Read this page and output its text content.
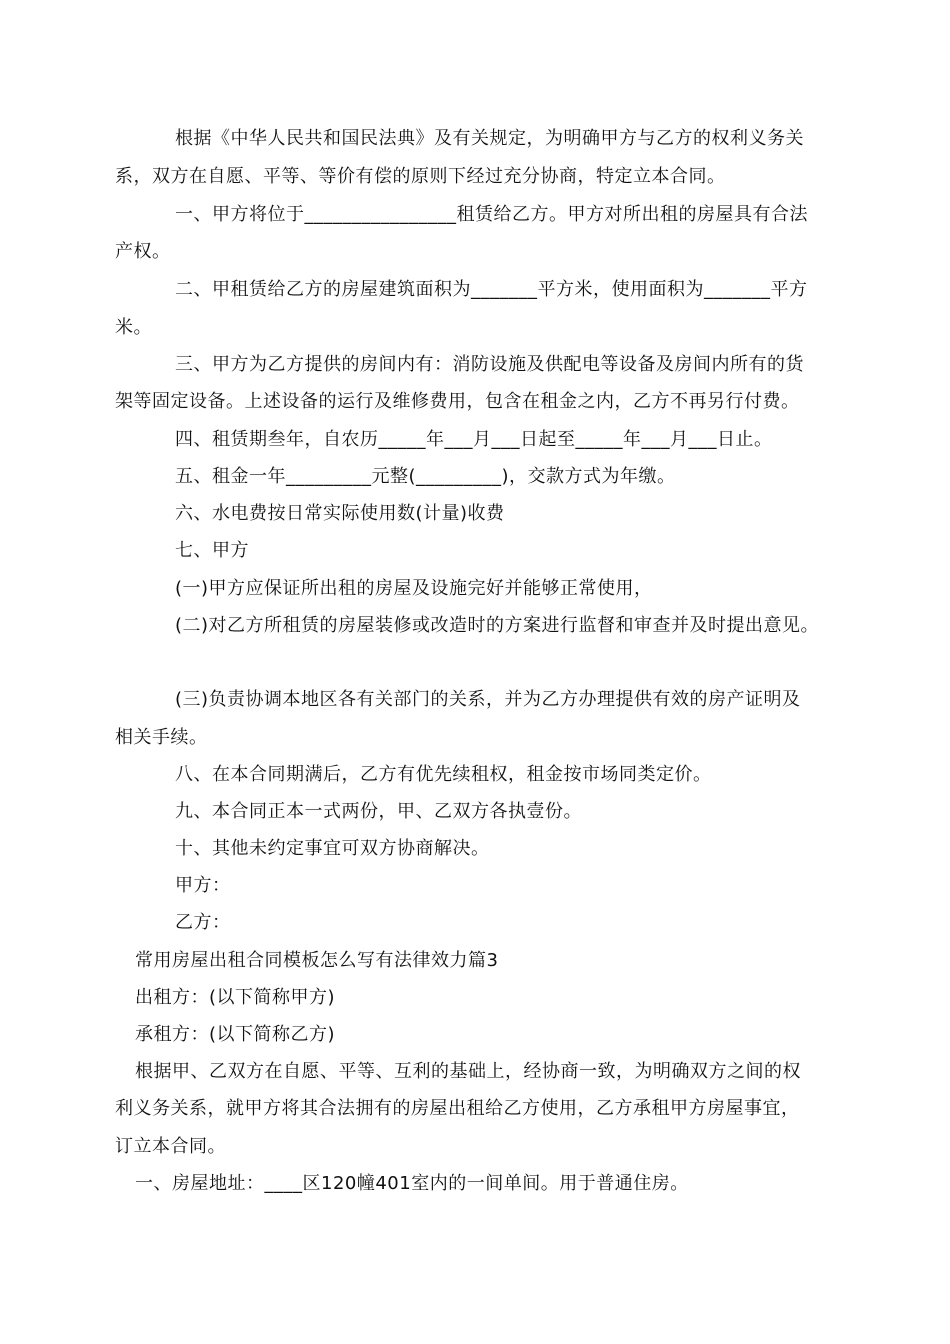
根据《中华人民共和国民法典》及有关规定，为明确甲方与乙方的权利义务关
系，双方在自愿、平等、等价有偿的原则下经过充分协商，特定立本合同。
一、甲方将位于________________租赁给乙方。甲方对所出租的房屋具有合法
产权。
二、甲租赁给乙方的房屋建筑面积为_______平方米，使用面积为_______平方
米。
三、甲方为乙方提供的房间内有：消防设施及供配电等设备及房间内所有的货
架等固定设备。上述设备的运行及维修费用，包含在租金之内，乙方不再另行付费。
四、租赁期叁年，自农历_____年___月___日起至_____年___月___日止。
五、租金一年_________元整(_________)，交款方式为年缴。
六、水电费按日常实际使用数(计量)收费
七、甲方
(一)甲方应保证所出租的房屋及设施完好并能够正常使用，
(二)对乙方所租赁的房屋装修或改造时的方案进行监督和审查并及时提出意见。
(三)负责协调本地区各有关部门的关系，并为乙方办理提供有效的房产证明及
相关手续。
八、在本合同期满后，乙方有优先续租权，租金按市场同类定价。
九、本合同正本一式两份，甲、乙双方各执壹份。
十、其他未约定事宜可双方协商解决。
甲方：
乙方：
常用房屋出租合同模板怎么写有法律效力篇3
出租方：(以下简称甲方)
承租方：(以下简称乙方)
根据甲、乙双方在自愿、平等、互利的基础上，经协商一致，为明确双方之间的权
利义务关系，就甲方将其合法拥有的房屋出租给乙方使用，乙方承租甲方房屋事宜，
订立本合同。
一、房屋地址：____区120幢401室内的一间单间。用于普通住房。
